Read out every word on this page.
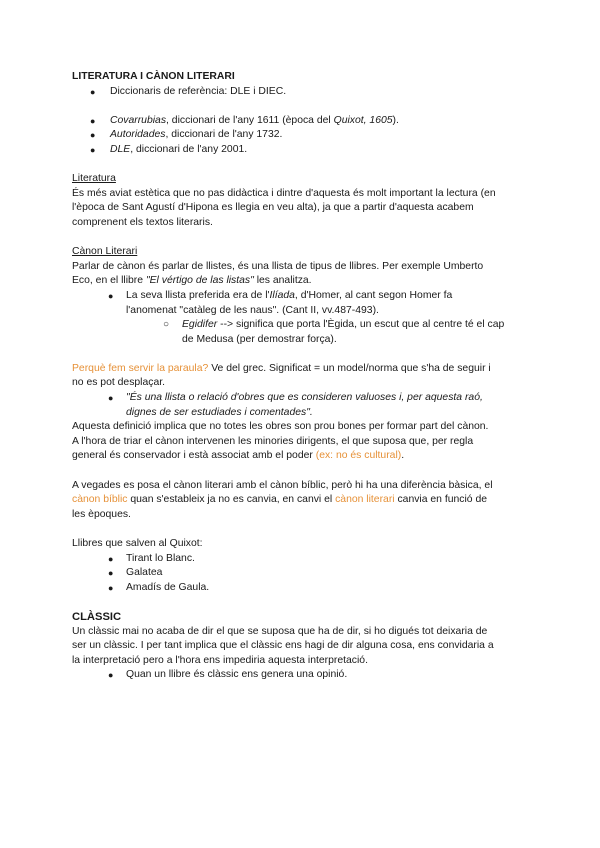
LITERATURA I CÀNON LITERARI

● Diccionaris de referència: DLE i DIEC.
● Covarrubias, diccionari de l'any 1611 (època del Quixot, 1605).
● Autoridades, diccionari de l'any 1732.
● DLE, diccionari de l'any 2001.

Literatura

És més aviat estètica que no pas didàctica i dintre d'aquesta és molt important la lectura (en

l'època de Sant Agustí d'Hipona es llegia en veu alta), ja que a partir d'aquesta acabem

comprenent els textos literaris.

Cànon Literari

Parlar de cànon és parlar de llistes, és una llista de tipus de llibres. Per exemple Umberto

Eco, en el llibre "El vértigo de las listas" les analitza.

● La seva llista preferida era de l'Ilíada, d'Homer, al cant segon Homer fa
l'anomenat "catàleg de les naus". (Cant II, vv.487-493).
○ Egidifer --> significa que porta l'Ègida, un escut que al centre té el cap
de Medusa (per demostrar força).

Perquè fem servir la paraula? Ve del grec. Significat = un model/norma que s'ha de seguir i

no es pot desplaçar.

● "És una llista o relació d'obres que es consideren valuoses i, per aquesta raó,
dignes de ser estudiades i comentades".

Aquesta definició implica que no totes les obres son prou bones per formar part del cànon.

A l'hora de triar el cànon intervenen les minories dirigents, el que suposa que, per regla

general és conservador i està associat amb el poder (ex: no és cultural).

A vegades es posa el cànon literari amb el cànon bíblic, però hi ha una diferència bàsica, el

cànon bíblic quan s'estableix ja no es canvia, en canvi el cànon literari canvia en funció de

les èpoques.

Llibres que salven al Quixot:

● Tirant lo Blanc.
● Galatea
● Amadís de Gaula.

CLÀSSIC

Un clàssic mai no acaba de dir el que se suposa que ha de dir, si ho digués tot deixaria de

ser un clàssic. I per tant implica que el clàssic ens hagi de dir alguna cosa, ens convidaria a

la interpretació pero a l'hora ens impediria aquesta interpretació.

● Quan un llibre és clàssic ens genera una opinió.
